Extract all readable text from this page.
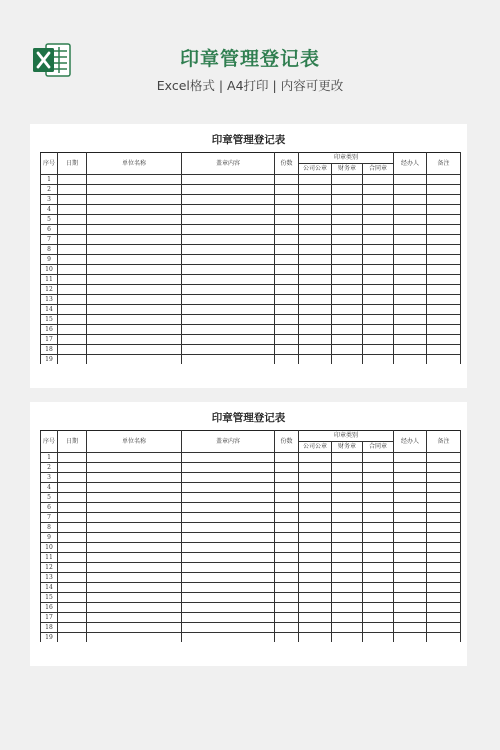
印章管理登记表
Excel格式 | A4打印 | 内容可更改
印章管理登记表
序号	日期	单位名称	盖章内容	份数	印章类别			经办人	备注
					公司公章	财务章	合同章		
1									
2									
3									
4									
5									
6									
7									
8									
9									
10									
11									
12									
13									
14									
15									
16									
17									
18									
19									
印章管理登记表
序号	日期	单位名称	盖章内容	份数	印章类别			经办人	备注
					公司公章	财务章	合同章		
1									
2									
3									
4									
5									
6									
7									
8									
9									
10									
11									
12									
13									
14									
15									
16									
17									
18									
19									
